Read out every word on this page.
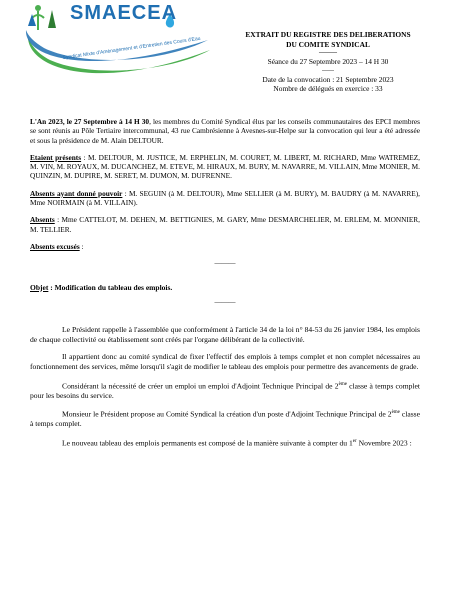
SMAECEA
Syndicat Mixte d'Aménagement et d'Entretien des Cours d'Eau
AVESNOIS
EXTRAIT DU REGISTRE DES DELIBERATIONS
DU COMITE SYNDICAL
———
Séance du 27 Septembre 2023 – 14 H 30
------
Date de la convocation : 21 Septembre 2023
Nombre de délégués en exercice : 33

L'An 2023, le 27 Septembre à 14 H 30, les membres du Comité Syndical élus par les conseils communautaires des EPCI membres se sont réunis au Pôle Tertiaire intercommunal, 43 rue Cambrésienne à Avesnes-sur-Helpe sur la convocation qui leur a été adressée et sous la présidence de M. Alain DELTOUR.

Etaient présents : M. DELTOUR, M. JUSTICE, M. ERPHELIN, M. COURET, M. LIBERT, M. RICHARD, Mme WATREMEZ, M. VIN, M. ROYAUX, M. DUCANCHEZ, M. ETEVE, M. HIRAUX, M. BURY, M. NAVARRE, M. VILLAIN, Mme MONIER, M. QUINZIN, M. DUPIRE, M. SERET, M. DUMON, M. DUFRENNE.

Absents ayant donné pouvoir : M. SEGUIN (à M. DELTOUR), Mme SELLIER (à M. BURY), M. BAUDRY (à M. NAVARRE), Mme NOIRMAIN (à M. VILLAIN).

Absents : Mme CATTELOT, M. DEHEN, M. BETTIGNIES, M. GARY, Mme DESMARCHELIER, M. ERLEM, M. MONNIER, M. TELLIER.

Absents excusés :

———
Objet : Modification du tableau des emplois.
———

Le Président rappelle à l'assemblée que conformément à l'article 34 de la loi n° 84-53 du 26 janvier 1984, les emplois de chaque collectivité ou établissement sont créés par l'organe délibérant de la collectivité.

Il appartient donc au comité syndical de fixer l'effectif des emplois à temps complet et non complet nécessaires au fonctionnement des services, même lorsqu'il s'agit de modifier le tableau des emplois pour permettre des avancements de grade.

Considérant la nécessité de créer un emploi un emploi d'Adjoint Technique Principal de 2ème classe à temps complet pour les besoins du service.

Monsieur le Président propose au Comité Syndical la création d'un poste d'Adjoint Technique Principal de 2ème classe à temps complet.

Le nouveau tableau des emplois permanents est composé de la manière suivante à compter du 1er Novembre 2023 :
